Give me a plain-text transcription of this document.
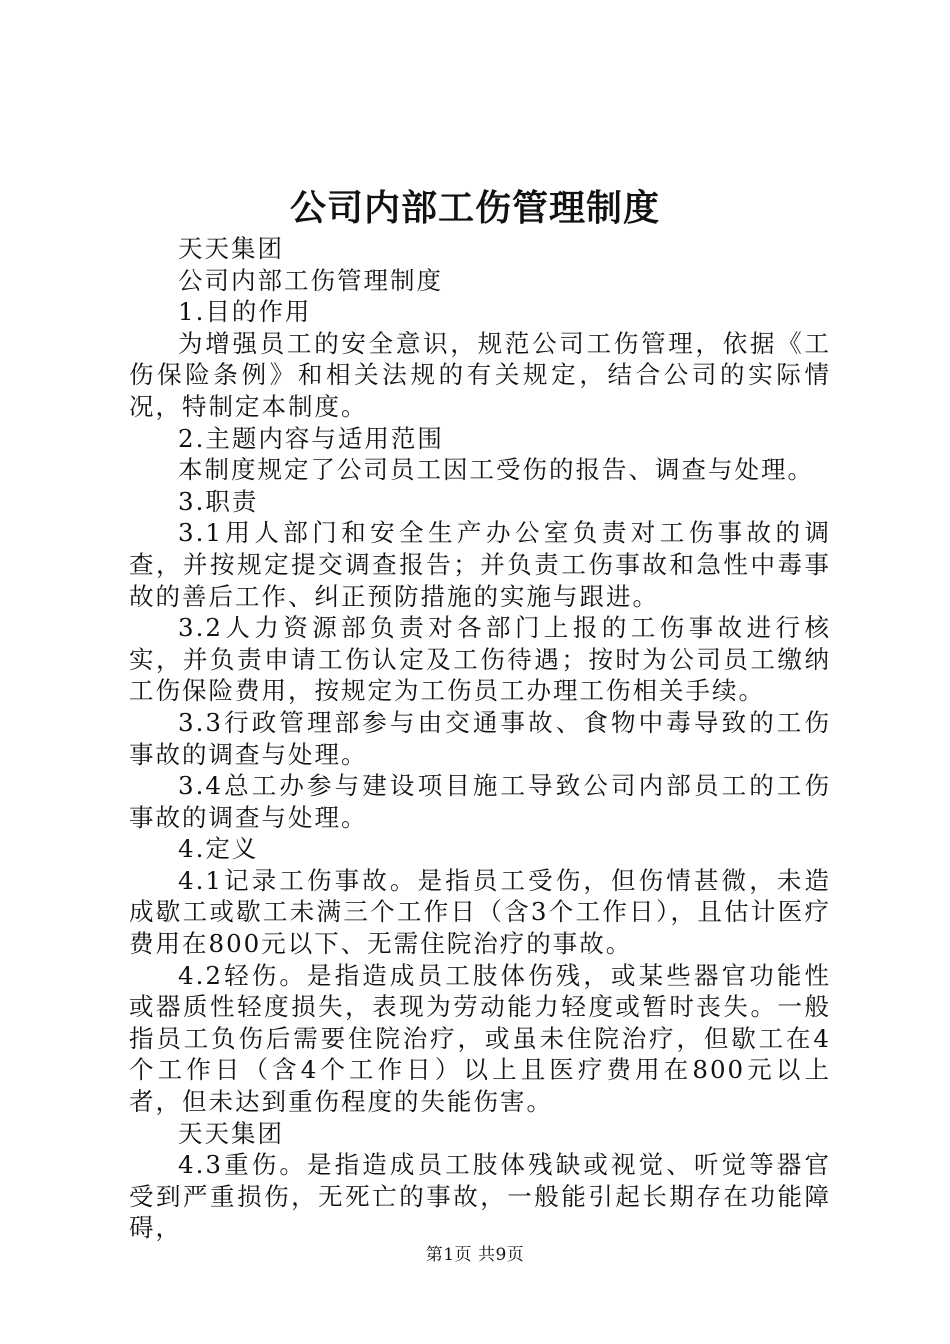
公司内部工伤管理制度

天天集团

公司内部工伤管理制度

1.目的作用

为增强员工的安全意识，规范公司工伤管理，依据《工伤保险条例》和相关法规的有关规定，结合公司的实际情况，特制定本制度。

2.主题内容与适用范围

本制度规定了公司员工因工受伤的报告、调查与处理。

3.职责

3.1用人部门和安全生产办公室负责对工伤事故的调查，并按规定提交调查报告；并负责工伤事故和急性中毒事故的善后工作、纠正预防措施的实施与跟进。

3.2人力资源部负责对各部门上报的工伤事故进行核实，并负责申请工伤认定及工伤待遇；按时为公司员工缴纳工伤保险费用，按规定为工伤员工办理工伤相关手续。

3.3行政管理部参与由交通事故、食物中毒导致的工伤事故的调查与处理。

3.4总工办参与建设项目施工导致公司内部员工的工伤事故的调查与处理。

4.定义

4.1记录工伤事故。是指员工受伤，但伤情甚微，未造成歇工或歇工未满三个工作日（含3个工作日），且估计医疗费用在800元以下、无需住院治疗的事故。

4.2轻伤。是指造成员工肢体伤残，或某些器官功能性或器质性轻度损失，表现为劳动能力轻度或暂时丧失。一般指员工负伤后需要住院治疗，或虽未住院治疗，但歇工在4个工作日（含4个工作日）以上且医疗费用在800元以上者，但未达到重伤程度的失能伤害。

天天集团

4.3重伤。是指造成员工肢体残缺或视觉、听觉等器官受到严重损伤，无死亡的事故，一般能引起长期存在功能障碍，

第1页 共9页
